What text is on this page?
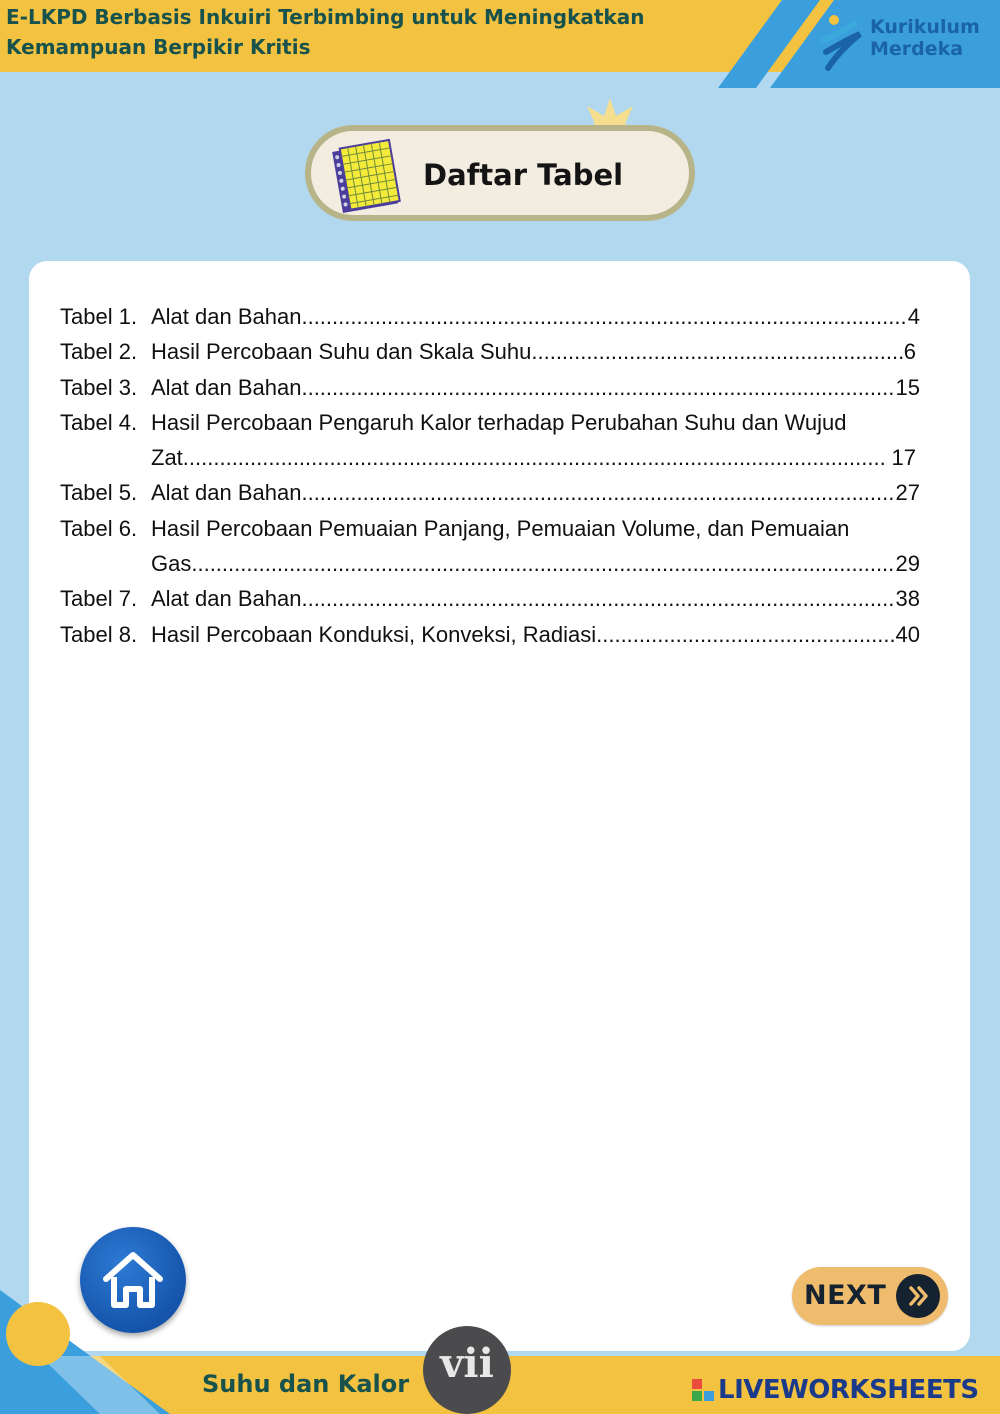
E-LKPD Berbasis Inkuiri Terbimbing untuk Meningkatkan
Kemampuan Berpikir Kritis
Kurikulum
Merdeka
Daftar Tabel
Tabel 1. Alat dan Bahan .....	4
Tabel 2. Hasil Percobaan Suhu dan Skala Suhu .....	6
Tabel 3. Alat dan Bahan .....	15
Tabel 4. Hasil Percobaan Pengaruh Kalor terhadap Perubahan Suhu dan Wujud
Zat .....	17
Tabel 5. Alat dan Bahan .....	27
Tabel 6. Hasil Percobaan Pemuaian Panjang, Pemuaian Volume, dan Pemuaian
Gas .....	29
Tabel 7. Alat dan Bahan .....	38
Tabel 8. Hasil Percobaan Konduksi, Konveksi, Radiasi .....	40
NEXT
Suhu dan Kalor vii
LIVEWORKSHEETS
